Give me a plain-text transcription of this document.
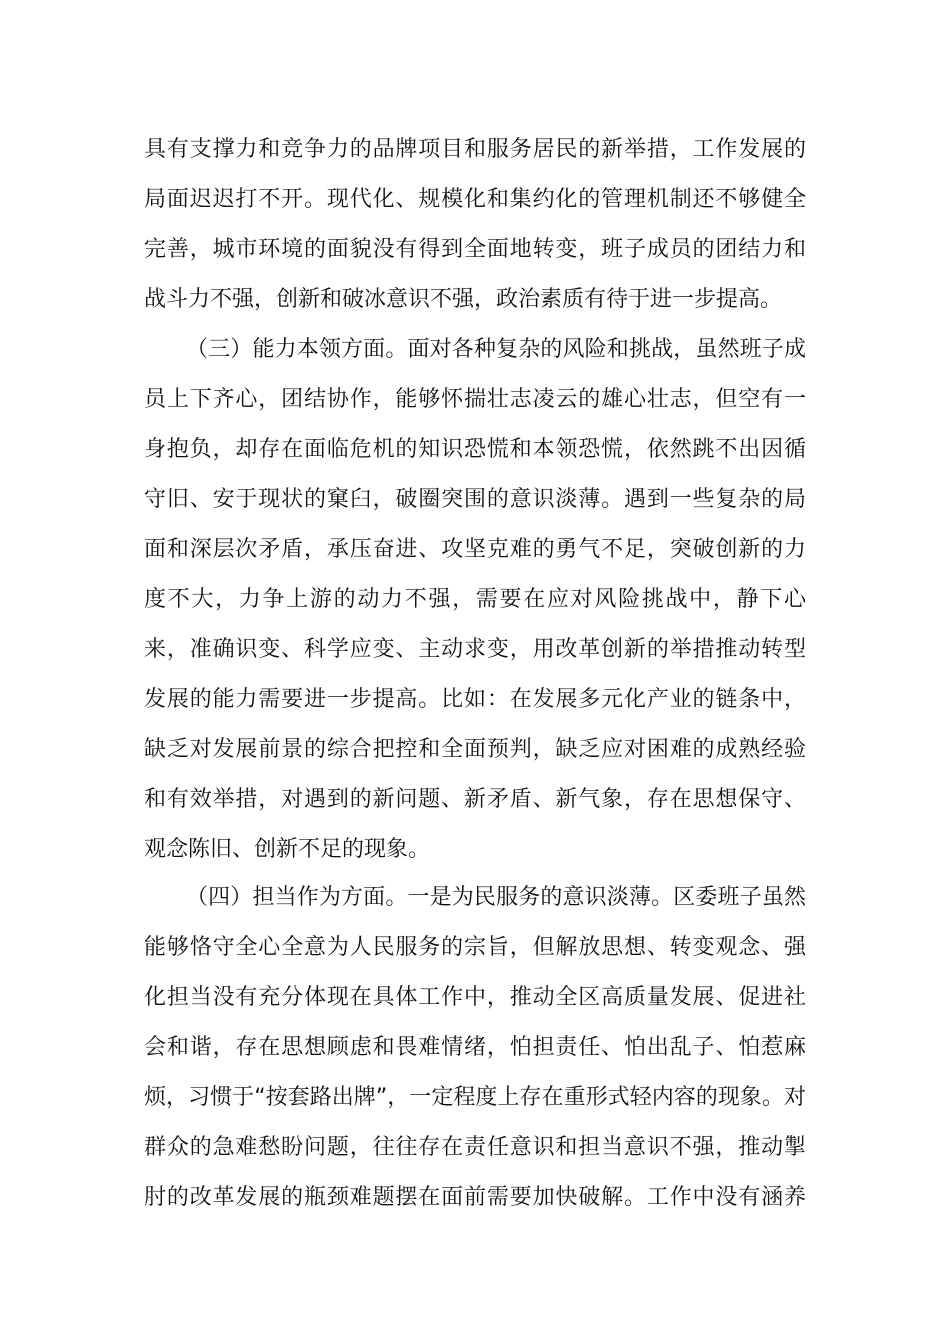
具有支撑力和竞争力的品牌项目和服务居民的新举措，工作发展的
局面迟迟打不开。现代化、规模化和集约化的管理机制还不够健全
完善，城市环境的面貌没有得到全面地转变，班子成员的团结力和
战斗力不强，创新和破冰意识不强，政治素质有待于进一步提高。
（三）能力本领方面。面对各种复杂的风险和挑战，虽然班子成
员上下齐心，团结协作，能够怀揣壮志凌云的雄心壮志，但空有一
身抱负，却存在面临危机的知识恐慌和本领恐慌，依然跳不出因循
守旧、安于现状的窠臼，破圈突围的意识淡薄。遇到一些复杂的局
面和深层次矛盾，承压奋进、攻坚克难的勇气不足，突破创新的力
度不大，力争上游的动力不强，需要在应对风险挑战中，静下心
来，准确识变、科学应变、主动求变，用改革创新的举措推动转型
发展的能力需要进一步提高。比如：在发展多元化产业的链条中，
缺乏对发展前景的综合把控和全面预判，缺乏应对困难的成熟经验
和有效举措，对遇到的新问题、新矛盾、新气象，存在思想保守、
观念陈旧、创新不足的现象。
（四）担当作为方面。一是为民服务的意识淡薄。区委班子虽然
能够恪守全心全意为人民服务的宗旨，但解放思想、转变观念、强
化担当没有充分体现在具体工作中，推动全区高质量发展、促进社
会和谐，存在思想顾虑和畏难情绪，怕担责任、怕出乱子、怕惹麻
烦，习惯于“按套路出牌”，一定程度上存在重形式轻内容的现象。对
群众的急难愁盼问题，往往存在责任意识和担当意识不强，推动掣
肘的改革发展的瓶颈难题摆在面前需要加快破解。工作中没有涵养
